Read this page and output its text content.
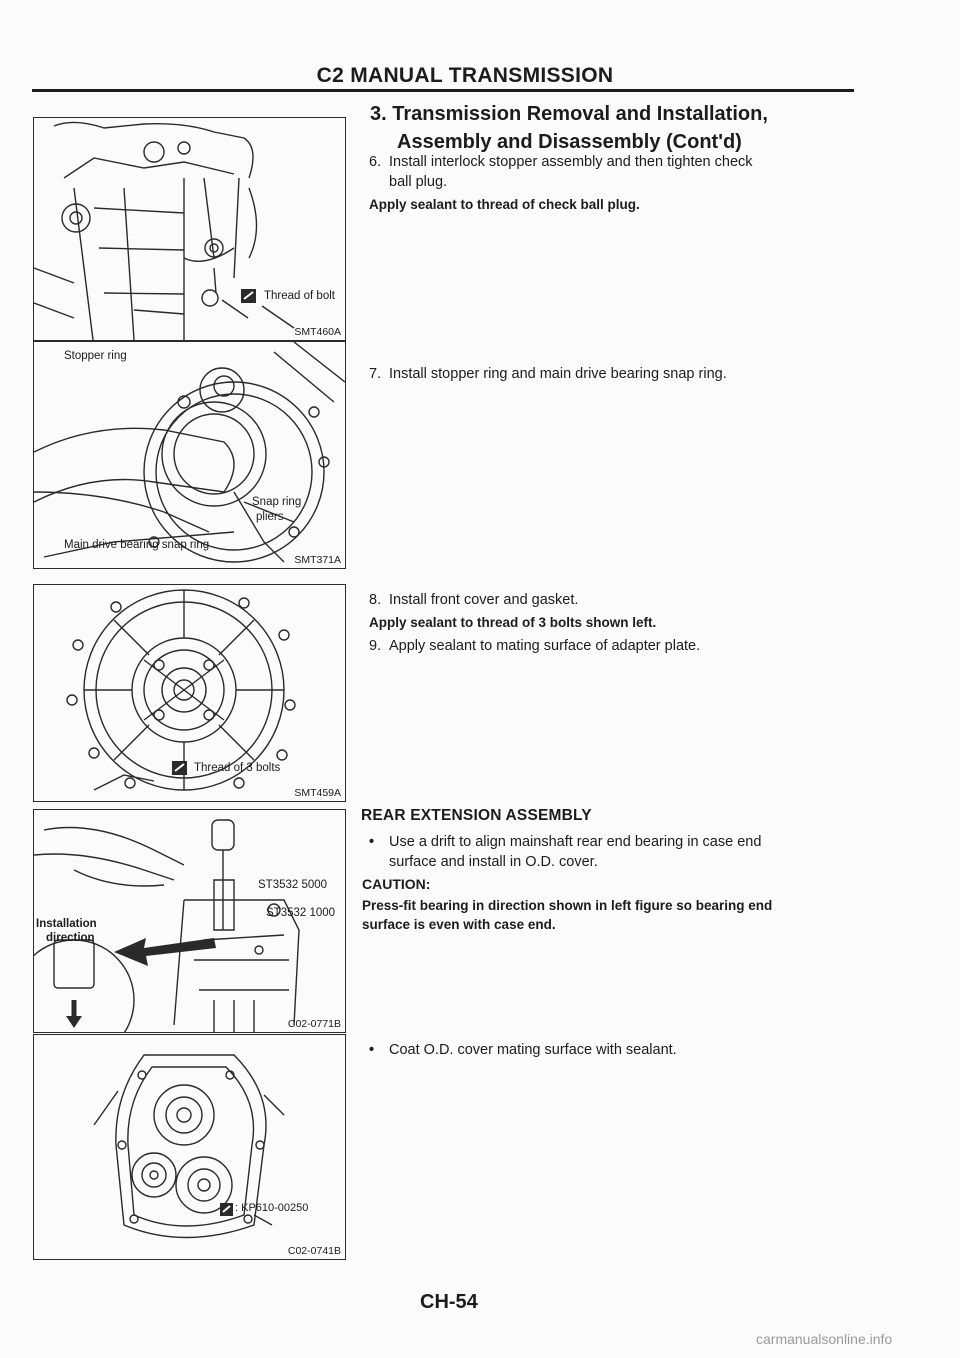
C2 MANUAL TRANSMISSION
3. Transmission Removal and Installation,
Assembly and Disassembly (Cont'd)
6. Install interlock stopper assembly and then tighten check
ball plug.
Apply sealant to thread of check ball plug.
7. Install stopper ring and main drive bearing snap ring.
8. Install front cover and gasket.
Apply sealant to thread of 3 bolts shown left.
9. Apply sealant to mating surface of adapter plate.
REAR EXTENSION ASSEMBLY
• Use a drift to align mainshaft rear end bearing in case end
surface and install in O.D. cover.
CAUTION:
Press-fit bearing in direction shown in left figure so bearing end
surface is even with case end.
• Coat O.D. cover mating surface with sealant.
Thread of bolt
SMT460A
Stopper ring
Snap ring
pliers
Main drive bearing snap ring
SMT371A
Thread of 3 bolts
SMT459A
ST3532 5000
ST3532 1000
Installation
direction
C02-0771B
: KP610-00250
C02-0741B
CH-54
carmanualsonline.info
